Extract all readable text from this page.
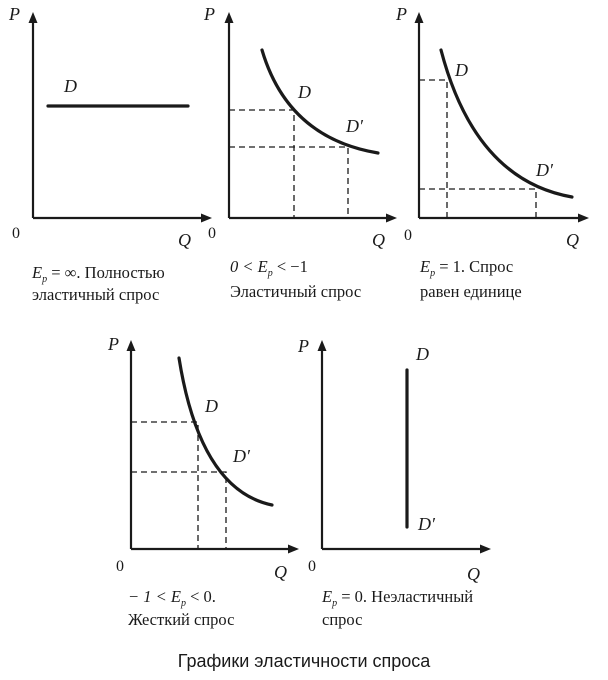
P
Q
0
D
$E_p$ = ∞. Полностью
эластичный спрос
P
Q
0
D
D′
$0 < E_p < -1$
Эластичный спрос
P
Q
0
D
D′
$E_p = 1$. Спрос
равен единице
P
Q
0
D
D′
− $1 < E_p < 0$.
Жесткий спрос
P
Q
0
D
D′
$E_p = 0$. Неэластичный
спрос
Графики эластичности спроса
